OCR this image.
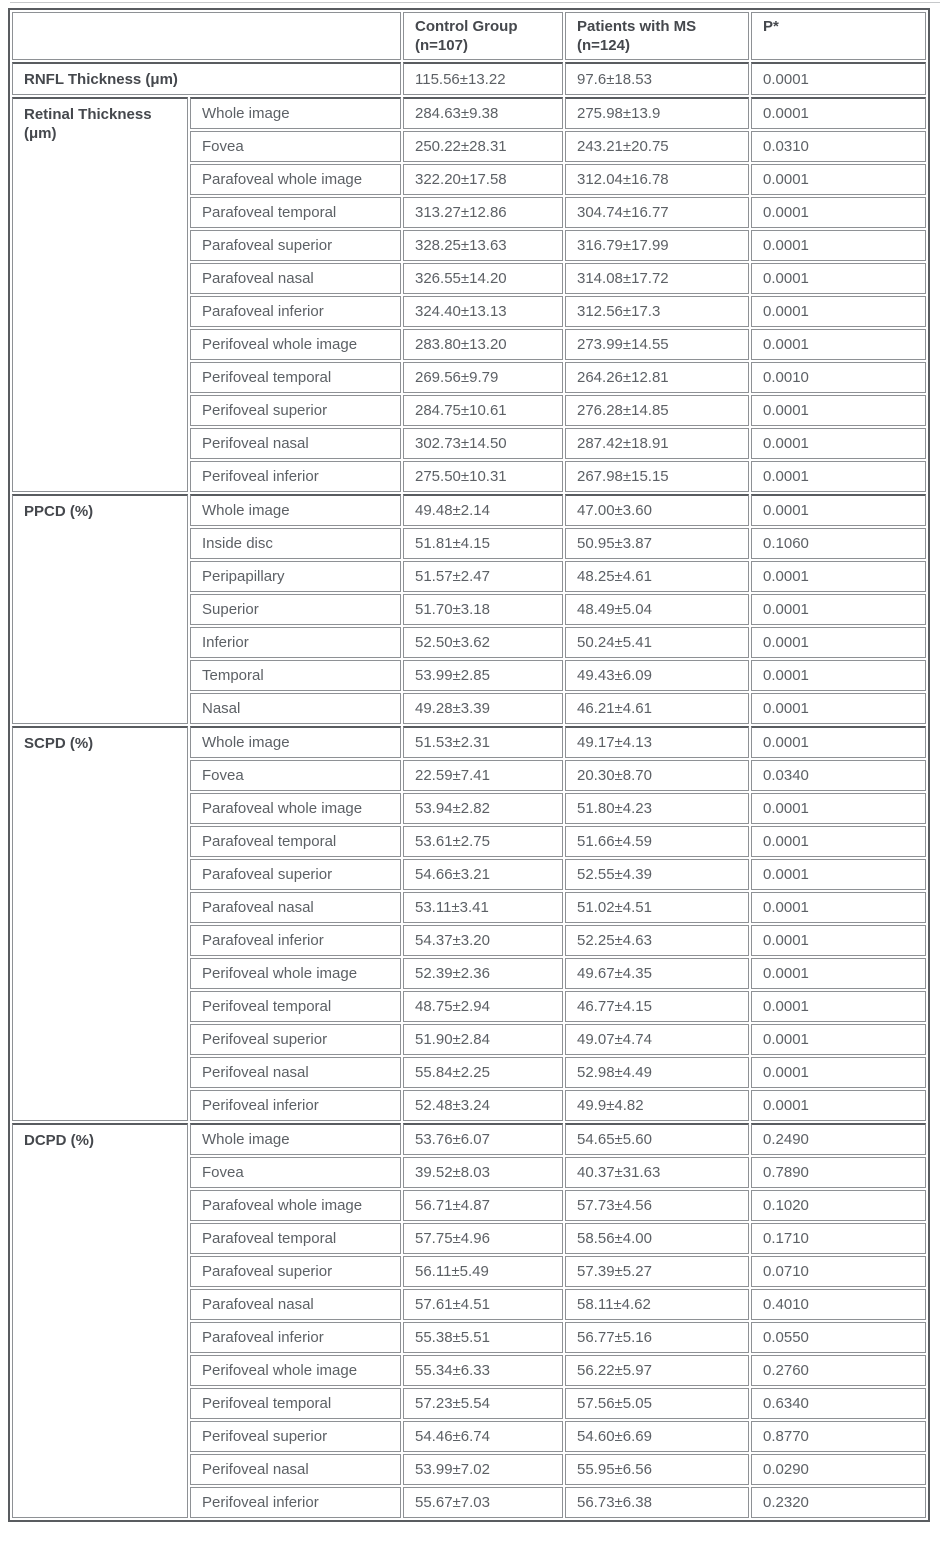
		Control Group (n=107)	Patients with MS (n=124)	P*
RNFL Thickness (μm)		115.56±13.22	97.6±18.53	0.0001
Retinal Thickness (μm)	Whole image	284.63±9.38	275.98±13.9	0.0001
	Fovea	250.22±28.31	243.21±20.75	0.0310
	Parafoveal whole image	322.20±17.58	312.04±16.78	0.0001
	Parafoveal temporal	313.27±12.86	304.74±16.77	0.0001
	Parafoveal superior	328.25±13.63	316.79±17.99	0.0001
	Parafoveal nasal	326.55±14.20	314.08±17.72	0.0001
	Parafoveal inferior	324.40±13.13	312.56±17.3	0.0001
	Perifoveal whole image	283.80±13.20	273.99±14.55	0.0001
	Perifoveal temporal	269.56±9.79	264.26±12.81	0.0010
	Perifoveal superior	284.75±10.61	276.28±14.85	0.0001
	Perifoveal nasal	302.73±14.50	287.42±18.91	0.0001
	Perifoveal inferior	275.50±10.31	267.98±15.15	0.0001
PPCD (%)	Whole image	49.48±2.14	47.00±3.60	0.0001
	Inside disc	51.81±4.15	50.95±3.87	0.1060
	Peripapillary	51.57±2.47	48.25±4.61	0.0001
	Superior	51.70±3.18	48.49±5.04	0.0001
	Inferior	52.50±3.62	50.24±5.41	0.0001
	Temporal	53.99±2.85	49.43±6.09	0.0001
	Nasal	49.28±3.39	46.21±4.61	0.0001
SCPD (%)	Whole image	51.53±2.31	49.17±4.13	0.0001
	Fovea	22.59±7.41	20.30±8.70	0.0340
	Parafoveal whole image	53.94±2.82	51.80±4.23	0.0001
	Parafoveal temporal	53.61±2.75	51.66±4.59	0.0001
	Parafoveal superior	54.66±3.21	52.55±4.39	0.0001
	Parafoveal nasal	53.11±3.41	51.02±4.51	0.0001
	Parafoveal inferior	54.37±3.20	52.25±4.63	0.0001
	Perifoveal whole image	52.39±2.36	49.67±4.35	0.0001
	Perifoveal temporal	48.75±2.94	46.77±4.15	0.0001
	Perifoveal superior	51.90±2.84	49.07±4.74	0.0001
	Perifoveal nasal	55.84±2.25	52.98±4.49	0.0001
	Perifoveal inferior	52.48±3.24	49.9±4.82	0.0001
DCPD (%)	Whole image	53.76±6.07	54.65±5.60	0.2490
	Fovea	39.52±8.03	40.37±31.63	0.7890
	Parafoveal whole image	56.71±4.87	57.73±4.56	0.1020
	Parafoveal temporal	57.75±4.96	58.56±4.00	0.1710
	Parafoveal superior	56.11±5.49	57.39±5.27	0.0710
	Parafoveal nasal	57.61±4.51	58.11±4.62	0.4010
	Parafoveal inferior	55.38±5.51	56.77±5.16	0.0550
	Perifoveal whole image	55.34±6.33	56.22±5.97	0.2760
	Perifoveal temporal	57.23±5.54	57.56±5.05	0.6340
	Perifoveal superior	54.46±6.74	54.60±6.69	0.8770
	Perifoveal nasal	53.99±7.02	55.95±6.56	0.0290
	Perifoveal inferior	55.67±7.03	56.73±6.38	0.2320
